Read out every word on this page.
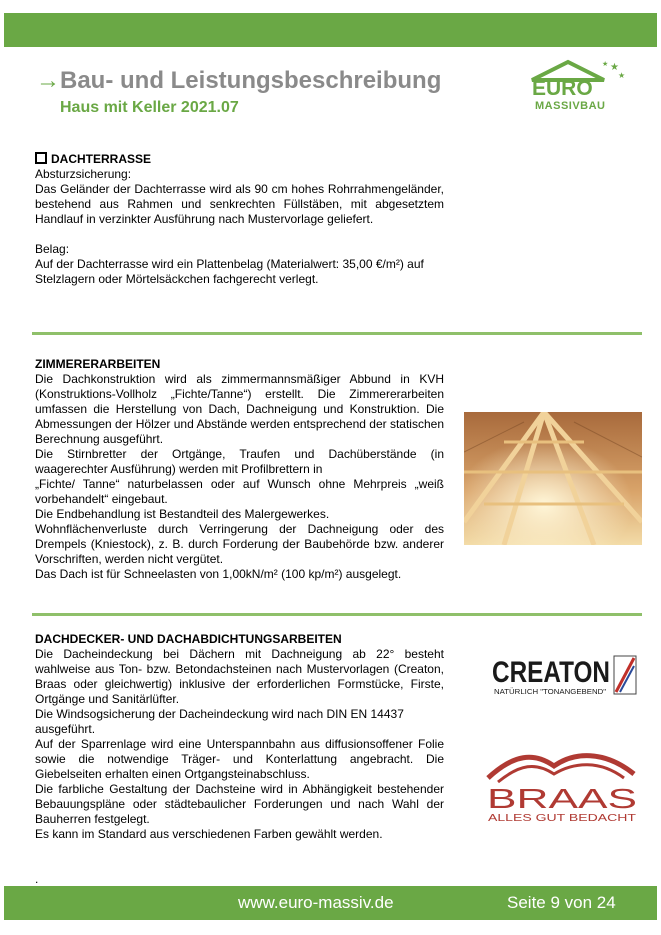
→ Bau- und Leistungsbeschreibung
Haus mit Keller 2021.07
★
★
★
EURO
MASSIVBAU

DACHTERRASSE

Absturzsicherung:

Das Geländer der Dachterrasse wird als 90 cm hohes Rohrrahmengeländer, bestehend aus Rahmen und senkrechten Füllstäben, mit abgesetztem Handlauf in verzinkter Ausführung nach Mustervorlage geliefert.

Belag:

Auf der Dachterrasse wird ein Plattenbelag (Materialwert: 35,00 €/m²) auf Stelzlagern oder Mörtelsäckchen fachgerecht verlegt.

ZIMMERERARBEITEN

Die Dachkonstruktion wird als zimmermannsmäßiger Abbund in KVH (Konstruktions-Vollholz „Fichte/Tanne“) erstellt. Die Zimmererarbeiten umfassen die Herstellung von Dach, Dachneigung und Konstruktion. Die Abmessungen der Hölzer und Abstände werden entsprechend der statischen Berechnung ausgeführt.

Die Stirnbretter der Ortgänge, Traufen und Dachüberstände (in waagerechter Ausführung) werden mit Profilbrettern in

„Fichte/ Tanne“ naturbelassen oder auf Wunsch ohne Mehrpreis „weiß vorbehandelt“ eingebaut.

Die Endbehandlung ist Bestandteil des Malergewerkes.

Wohnflächenverluste durch Verringerung der Dachneigung oder des Drempels (Kniestock), z. B. durch Forderung der Baubehörde bzw. anderer Vorschriften, werden nicht vergütet.

Das Dach ist für Schneelasten von 1,00kN/m² (100 kp/m²) ausgelegt.

DACHDECKER- UND DACHABDICHTUNGSARBEITEN

Die Dacheindeckung bei Dächern mit Dachneigung ab 22° besteht wahlweise aus Ton- bzw. Betondachsteinen nach Mustervorlagen (Creaton, Braas oder gleichwertig) inklusive der erforderlichen Formstücke, Firste, Ortgänge und Sanitärlüfter.

Die Windsogsicherung der Dacheindeckung wird nach DIN EN 14437 ausgeführt.

Auf der Sparrenlage wird eine Unterspannbahn aus diffusionsoffener Folie sowie die notwendige Träger- und Konterlattung angebracht. Die Giebelseiten erhalten einen Ortgangsteinabschluss.

Die farbliche Gestaltung der Dachsteine wird in Abhängigkeit bestehender Bebauungspläne oder städtebaulicher Forderungen und nach Wahl der Bauherren festgelegt.

Es kann im Standard aus verschiedenen Farben gewählt werden.

CREATON
NATÜRLICH "TONANGEBEND"
BRAAS
ALLES GUT BEDACHT
.
www.euro-massiv.de	Seite 9 von 24
